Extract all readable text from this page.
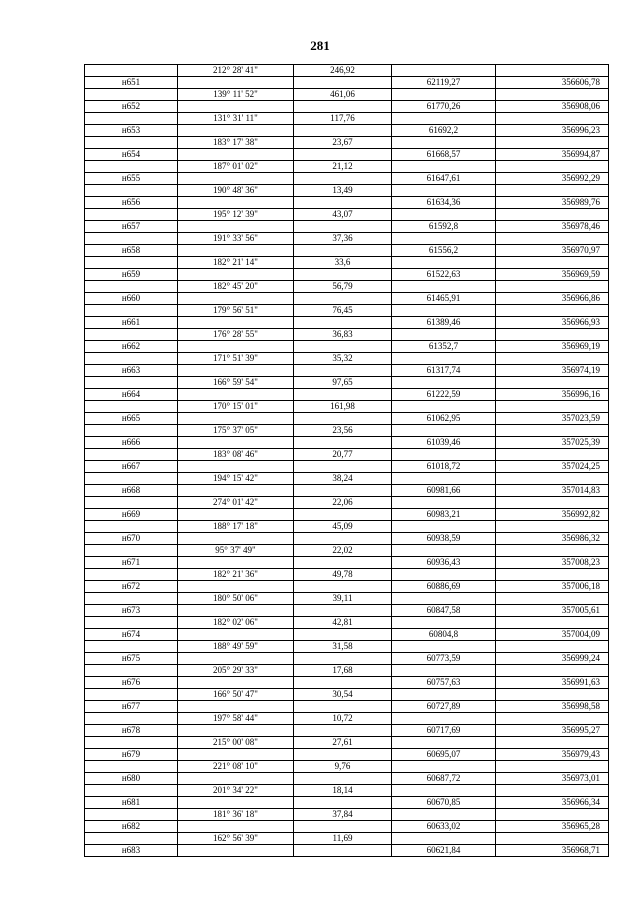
281
	212° 28' 41"	246,92		
н651			62119,27	356606,78
	139° 11' 52"	461,06		
н652			61770,26	356908,06
	131° 31' 11"	117,76		
н653			61692,2	356996,23
	183° 17' 38"	23,67		
н654			61668,57	356994,87
	187° 01' 02"	21,12		
н655			61647,61	356992,29
	190° 48' 36"	13,49		
н656			61634,36	356989,76
	195° 12' 39"	43,07		
н657			61592,8	356978,46
	191° 33' 56"	37,36		
н658			61556,2	356970,97
	182° 21' 14"	33,6		
н659			61522,63	356969,59
	182° 45' 20"	56,79		
н660			61465,91	356966,86
	179° 56' 51"	76,45		
н661			61389,46	356966,93
	176° 28' 55"	36,83		
н662			61352,7	356969,19
	171° 51' 39"	35,32		
н663			61317,74	356974,19
	166° 59' 54"	97,65		
н664			61222,59	356996,16
	170° 15' 01"	161,98		
н665			61062,95	357023,59
	175° 37' 05"	23,56		
н666			61039,46	357025,39
	183° 08' 46"	20,77		
н667			61018,72	357024,25
	194° 15' 42"	38,24		
н668			60981,66	357014,83
	274° 01' 42"	22,06		
н669			60983,21	356992,82
	188° 17' 18"	45,09		
н670			60938,59	356986,32
	95° 37' 49"	22,02		
н671			60936,43	357008,23
	182° 21' 36"	49,78		
н672			60886,69	357006,18
	180° 50' 06"	39,11		
н673			60847,58	357005,61
	182° 02' 06"	42,81		
н674			60804,8	357004,09
	188° 49' 59"	31,58		
н675			60773,59	356999,24
	205° 29' 33"	17,68		
н676			60757,63	356991,63
	166° 50' 47"	30,54		
н677			60727,89	356998,58
	197° 58' 44"	10,72		
н678			60717,69	356995,27
	215° 00' 08"	27,61		
н679			60695,07	356979,43
	221° 08' 10"	9,76		
н680			60687,72	356973,01
	201° 34' 22"	18,14		
н681			60670,85	356966,34
	181° 36' 18"	37,84		
н682			60633,02	356965,28
	162° 56' 39"	11,69		
н683			60621,84	356968,71
